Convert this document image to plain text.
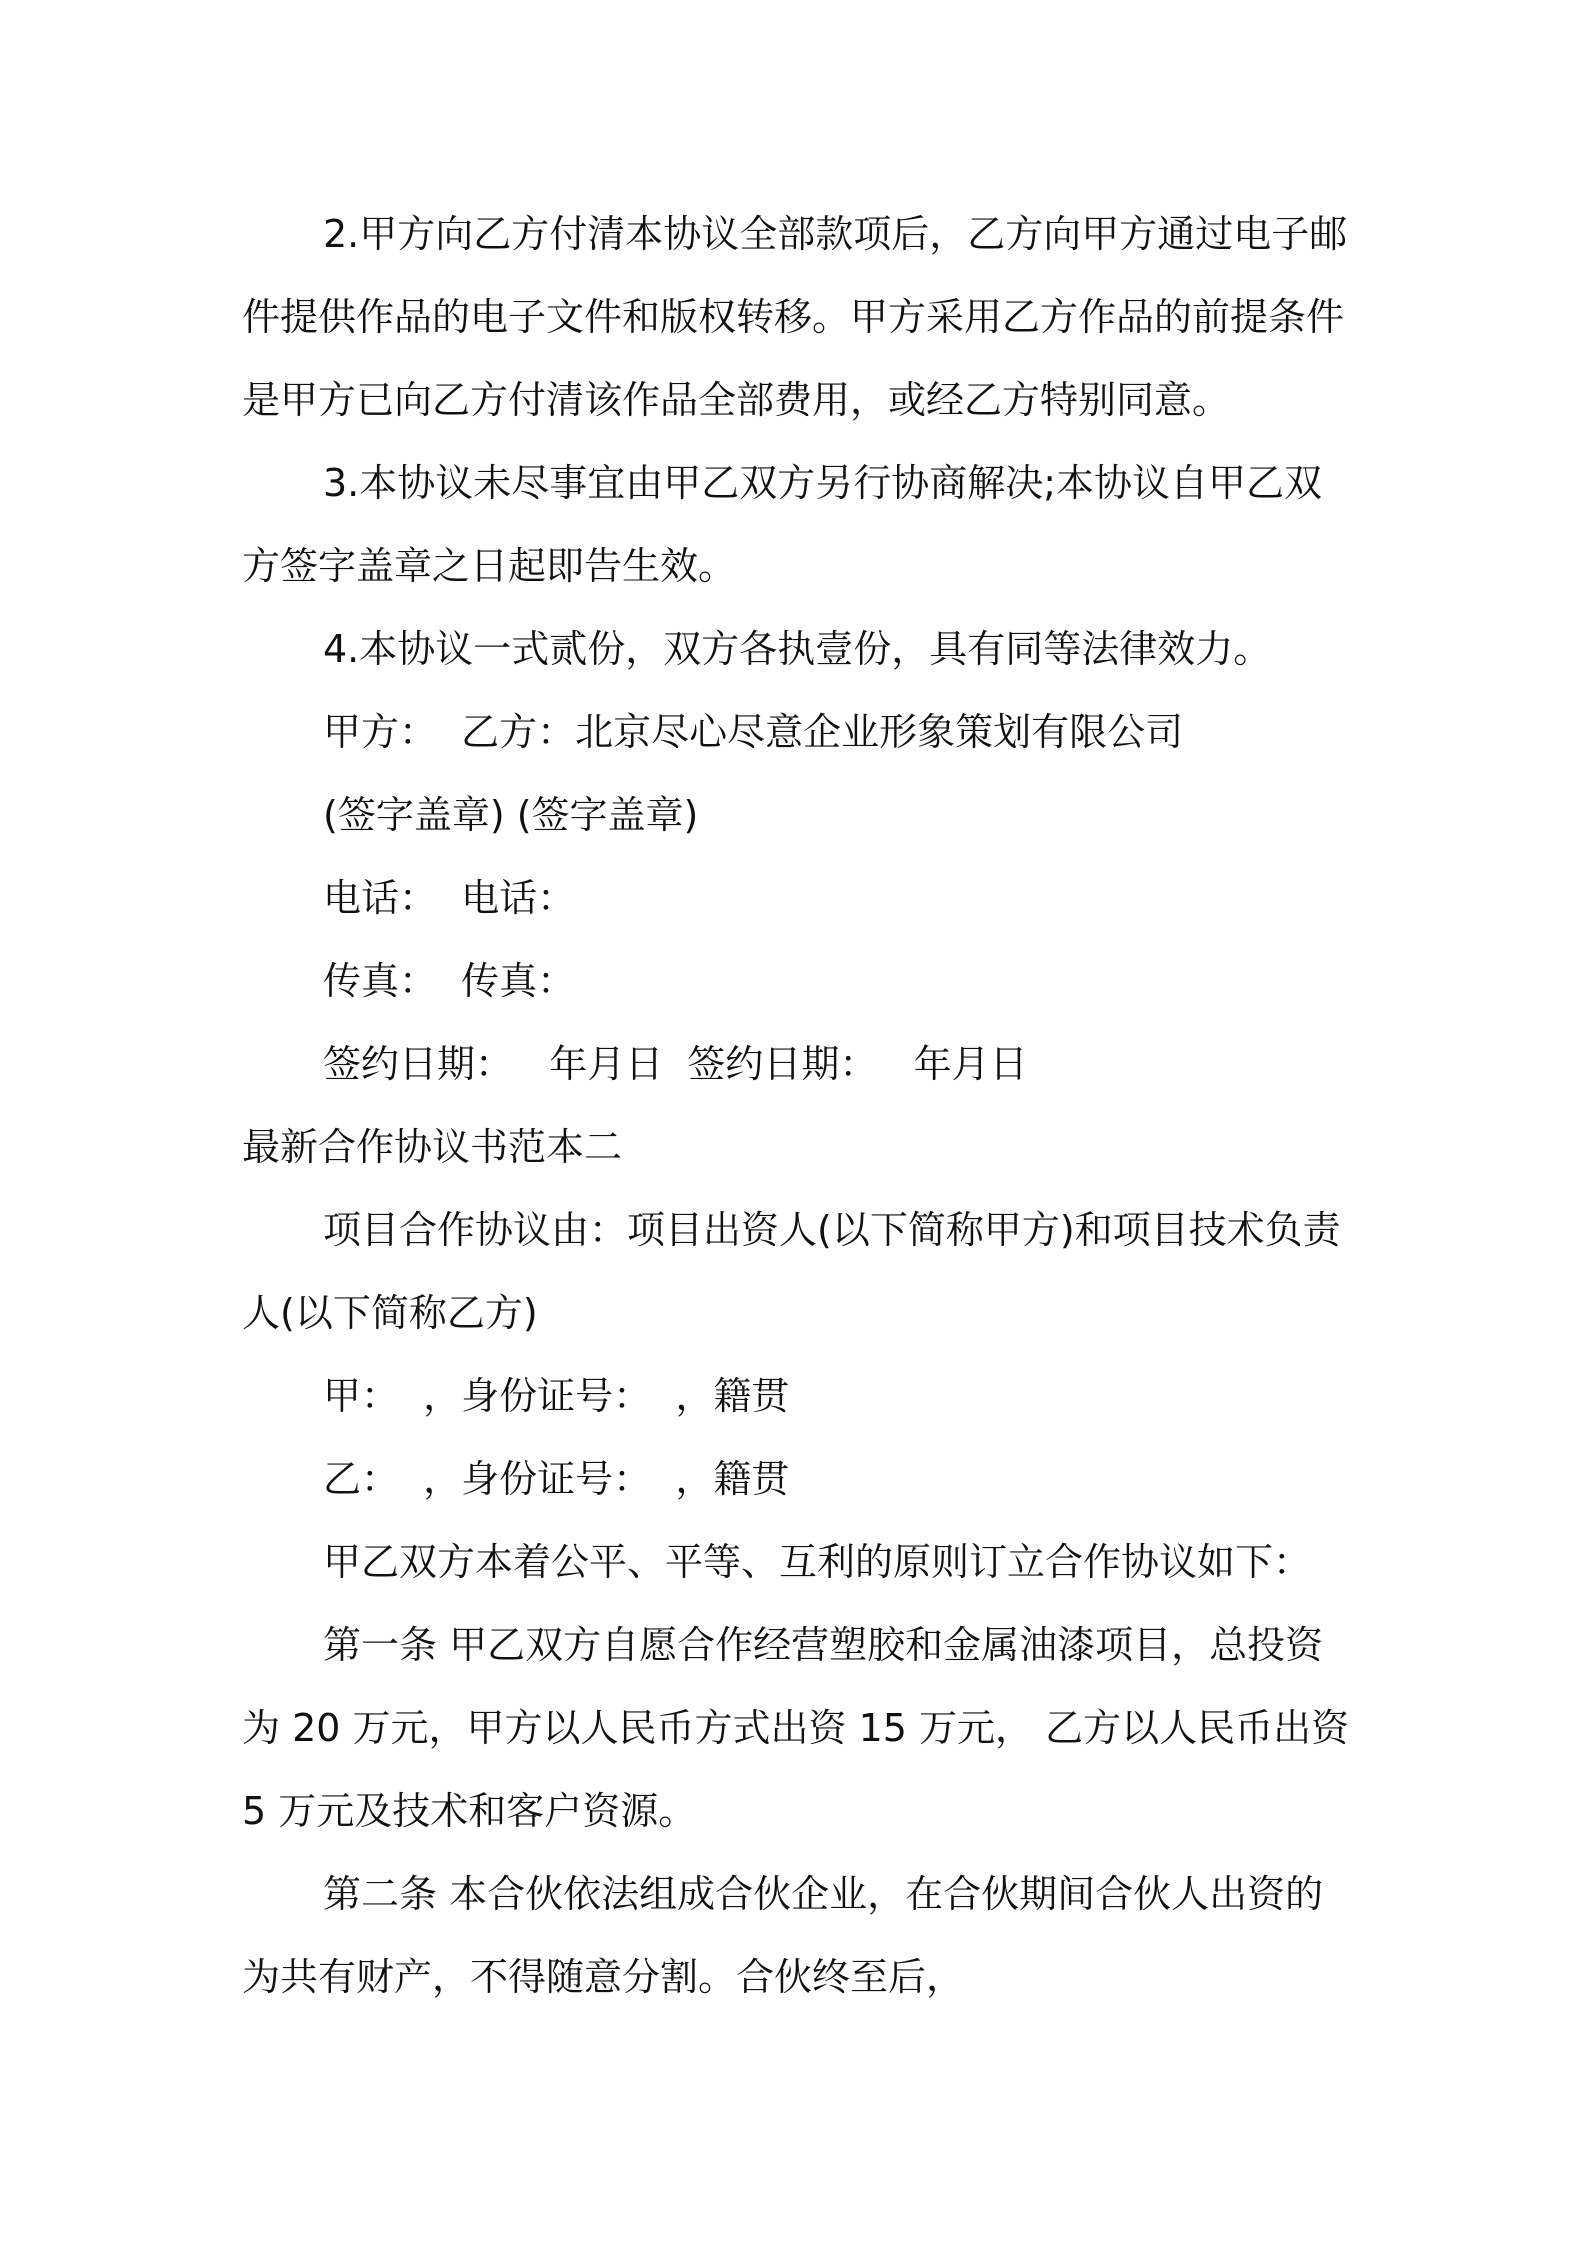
2.甲方向乙方付清本协议全部款项后，乙方向甲方通过电子邮件提供作品的电子文件和版权转移。甲方采用乙方作品的前提条件是甲方已向乙方付清该作品全部费用，或经乙方特别同意。

3.本协议未尽事宜由甲乙双方另行协商解决;本协议自甲乙双方签字盖章之日起即告生效。

4.本协议一式贰份，双方各执壹份，具有同等法律效力。

甲方：  乙方：北京尽心尽意企业形象策划有限公司

(签字盖章) (签字盖章)

电话：  电话：

传真：  传真：

签约日期：   年月日  签约日期：   年月日

最新合作协议书范本二

项目合作协议由：项目出资人(以下简称甲方)和项目技术负责人(以下简称乙方)

甲：  ，身份证号：  ，籍贯

乙：  ，身份证号：  ，籍贯

甲乙双方本着公平、平等、互利的原则订立合作协议如下：

第一条 甲乙双方自愿合作经营塑胶和金属油漆项目，总投资为 20 万元，甲方以人民币方式出资 15 万元， 乙方以人民币出资 5 万元及技术和客户资源。

第二条 本合伙依法组成合伙企业，在合伙期间合伙人出资的为共有财产，不得随意分割。合伙终至后，
